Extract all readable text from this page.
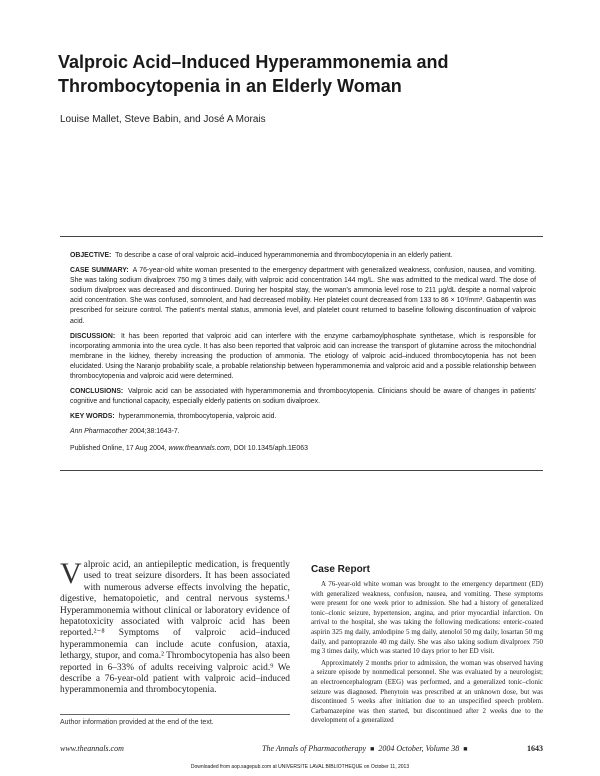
Valproic Acid–Induced Hyperammonemia and Thrombocytopenia in an Elderly Woman
Louise Mallet, Steve Babin, and José A Morais

OBJECTIVE: To describe a case of oral valproic acid–induced hyperammonemia and thrombocytopenia in an elderly patient.

CASE SUMMARY: A 76-year-old white woman presented to the emergency department with generalized weakness, confusion, nausea, and vomiting. She was taking sodium divalproex 750 mg 3 times daily, with valproic acid concentration 144 mg/L. She was admitted to the medical ward. The dose of sodium divalproex was decreased and discontinued. During her hospital stay, the woman's ammonia level rose to 211 µg/dL despite a normal valproic acid concentration. She was confused, somnolent, and had decreased mobility. Her platelet count decreased from 133 to 86 × 10³/mm³. Gabapentin was prescribed for seizure control. The patient's mental status, ammonia level, and platelet count returned to baseline following discontinuation of valproic acid.

DISCUSSION: It has been reported that valproic acid can interfere with the enzyme carbamoylphosphate synthetase, which is responsible for incorporating ammonia into the urea cycle. It has also been reported that valproic acid can increase the transport of glutamine across the mitochondrial membrane in the kidney, thereby increasing the production of ammonia. The etiology of valproic acid–induced thrombocytopenia has not been elucidated. Using the Naranjo probability scale, a probable relationship between hyperammonemia and valproic acid and a possible relationship between thrombocytopenia and valproic acid were determined.

CONCLUSIONS: Valproic acid can be associated with hyperammonemia and thrombocytopenia. Clinicians should be aware of changes in patients' cognitive and functional capacity, especially elderly patients on sodium divalproex.

KEY WORDS: hyperammonemia, thrombocytopenia, valproic acid.

Ann Pharmacother 2004;38:1643-7.

Published Online, 17 Aug 2004, www.theannals.com, DOI 10.1345/aph.1E063

Valproic acid, an antiepileptic medication, is frequently used to treat seizure disorders. It has been associated with numerous adverse effects involving the hepatic, digestive, hematopoietic, and central nervous systems.¹ Hyperammonemia without clinical or laboratory evidence of hepatotoxicity associated with valproic acid has been reported.²⁻⁸ Symptoms of valproic acid–induced hyperammonemia can include acute confusion, ataxia, lethargy, stupor, and coma.² Thrombocytopenia has also been reported in 6–33% of adults receiving valproic acid.⁹ We describe a 76-year-old patient with valproic acid–induced hyperammonemia and thrombocytopenia.
Author information provided at the end of the text.
Case Report

A 76-year-old white woman was brought to the emergency department (ED) with generalized weakness, confusion, nausea, and vomiting. These symptoms were present for one week prior to admission. She had a history of generalized tonic–clonic seizure, hypertension, angina, and prior myocardial infarction. On arrival to the hospital, she was taking the following medications: enteric-coated aspirin 325 mg daily, amlodipine 5 mg daily, atenolol 50 mg daily, losartan 50 mg daily, and pantoprazole 40 mg daily. She was also taking sodium divalproex 750 mg 3 times daily, which was started 10 days prior to her ED visit.

Approximately 2 months prior to admission, the woman was observed having a seizure episode by nonmedical personnel. She was evaluated by a neurologist; an electroencephalogram (EEG) was performed, and a generalized tonic–clonic seizure was diagnosed. Phenytoin was prescribed at an unknown dose, but was discontinued 5 weeks after initiation due to an unspecified speech problem. Carbamazepine was then started, but discontinued after 2 weeks due to the development of a generalized

www.theannals.com	The Annals of Pharmacotherapy ■ 2004 October, Volume 38 ■	1643
Downloaded from aop.sagepub.com at UNIVERSITE LAVAL BIBLIOTHEQUE on October 11, 2013
